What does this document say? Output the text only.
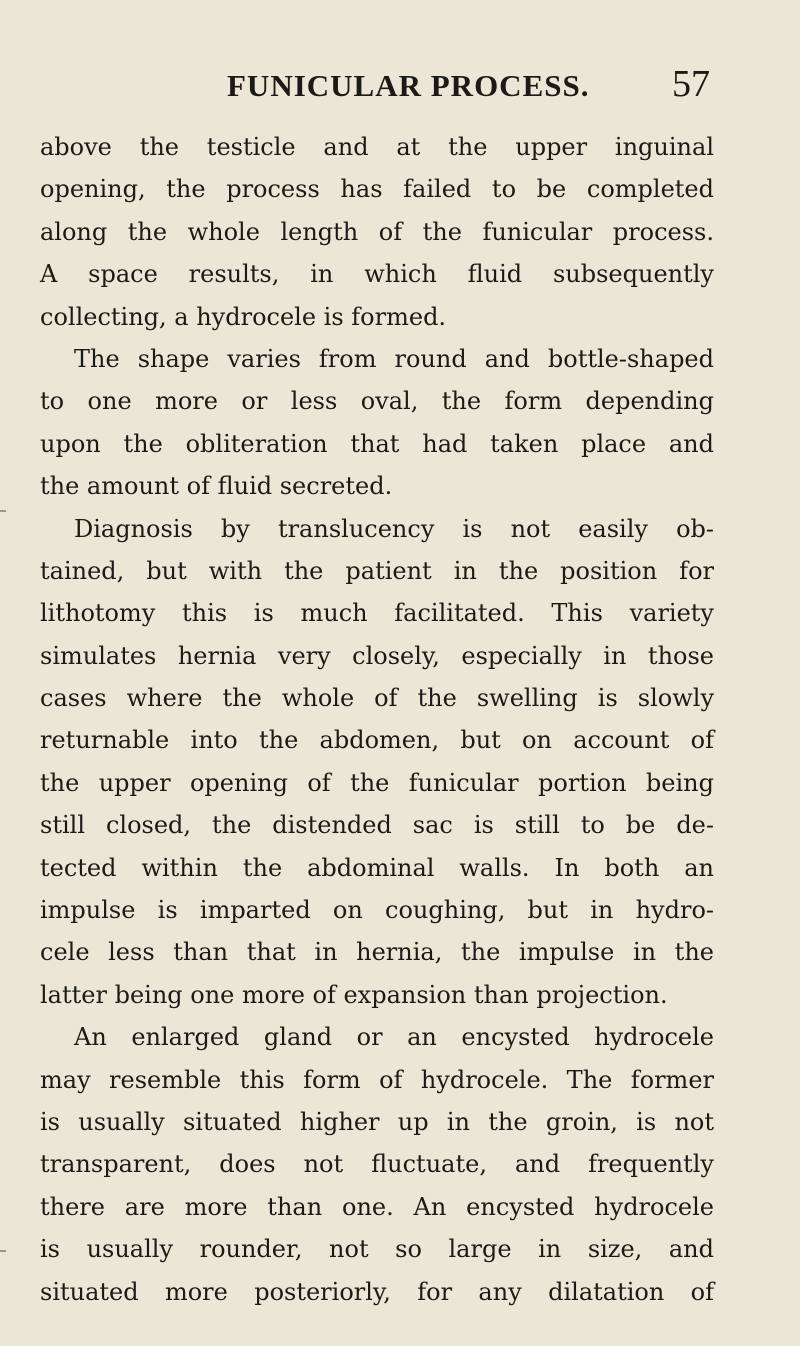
FUNICULAR PROCESS. 57
above the testicle and at the upper inguinal
opening, the process has failed to be completed
along the whole length of the funicular process.
A space results, in which fluid subsequently
collecting, a hydrocele is formed.
The shape varies from round and bottle-shaped
to one more or less oval, the form depending
upon the obliteration that had taken place and
the amount of fluid secreted.
Diagnosis by translucency is not easily ob-
tained, but with the patient in the position for
lithotomy this is much facilitated. This variety
simulates hernia very closely, especially in those
cases where the whole of the swelling is slowly
returnable into the abdomen, but on account of
the upper opening of the funicular portion being
still closed, the distended sac is still to be de-
tected within the abdominal walls. In both an
impulse is imparted on coughing, but in hydro-
cele less than that in hernia, the impulse in the
latter being one more of expansion than projection.
An enlarged gland or an encysted hydrocele
may resemble this form of hydrocele. The former
is usually situated higher up in the groin, is not
transparent, does not fluctuate, and frequently
there are more than one. An encysted hydrocele
is usually rounder, not so large in size, and
situated more posteriorly, for any dilatation of
